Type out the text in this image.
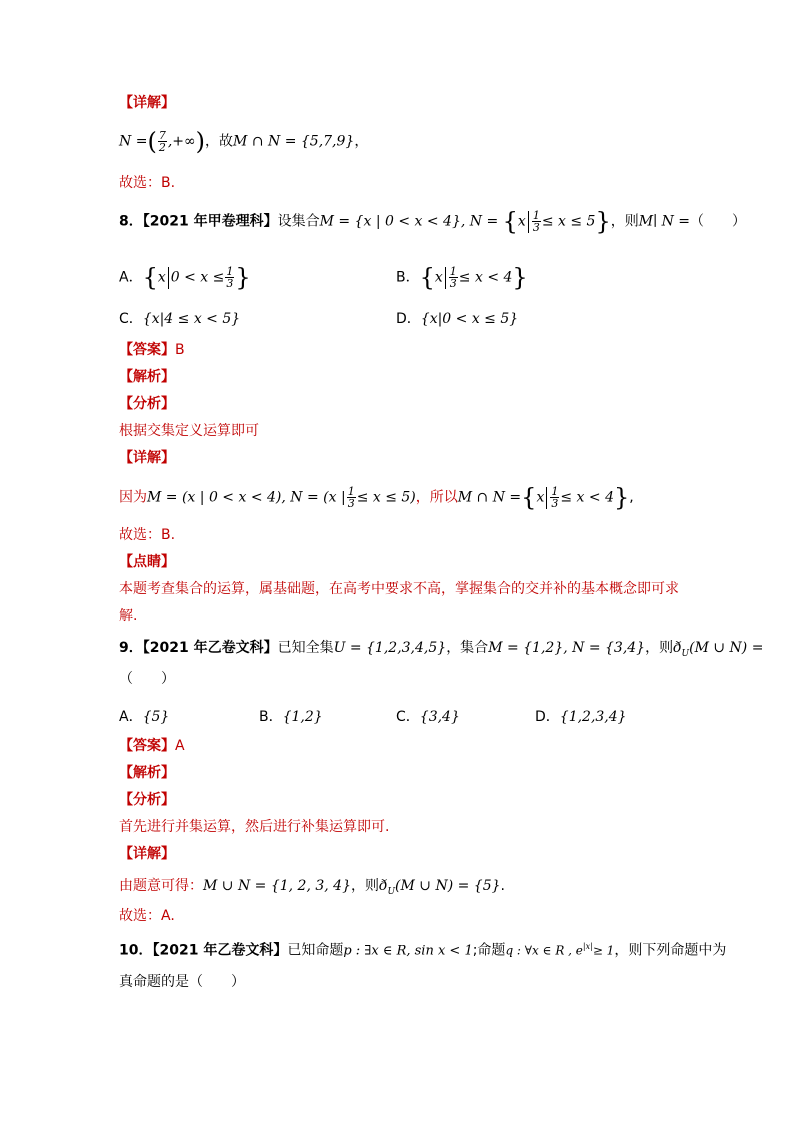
【详解】
N =( $\frac{7}{2}$ ,+∞)，故M ∩ N = {5,7,9}，
故选：B.
8．【2021 年甲卷理科】设集合M = {x | 0 < x < 4}, $N = \{x \frac{1}{3} \le x \le 5\}$，则M∣ N =（　　）
A．{x $0 < x \le \frac{1}{3}$ }	B．$\{x \frac{1}{3} \le x < 4\}$
C．{x|4 ≤ x < 5}	D．{x|0 < x ≤ 5}
【答案】B
【解析】
【分析】
根据交集定义运算即可
【详解】
因为M = (x | 0 < x < 4), N = (x | $\frac{1}{3} \le x \le 5$)，所以M ∩ $N =\{x \frac{1}{3} \le x < 4\}$,
故选：B.
【点睛】
本题考查集合的运算，属基础题，在高考中要求不高，掌握集合的交并补的基本概念即可求
解.
9．【2021 年乙卷文科】已知全集U = {1,2,3,4,5}，集合M = {1,2}, N = {3,4}，则$ð_U(M$ ∪ N) =
（　　）
A．{5}	B．{1,2}	C．{3,4}	D．{1,2,3,4}
【答案】A
【解析】
【分析】
首先进行并集运算，然后进行补集运算即可.
【详解】
由题意可得：M ∪ N = {1, 2, 3, 4}，则$ð_U(M$ ∪ N) = {5}.
故选：A.
10．【2021 年乙卷文科】已知命题p : ∃x ∈ R, sin x < 1;命题q : ∀x ∈ R , $e^{|x|}\ge 1$，则下列命题中为
真命题的是（　　）
